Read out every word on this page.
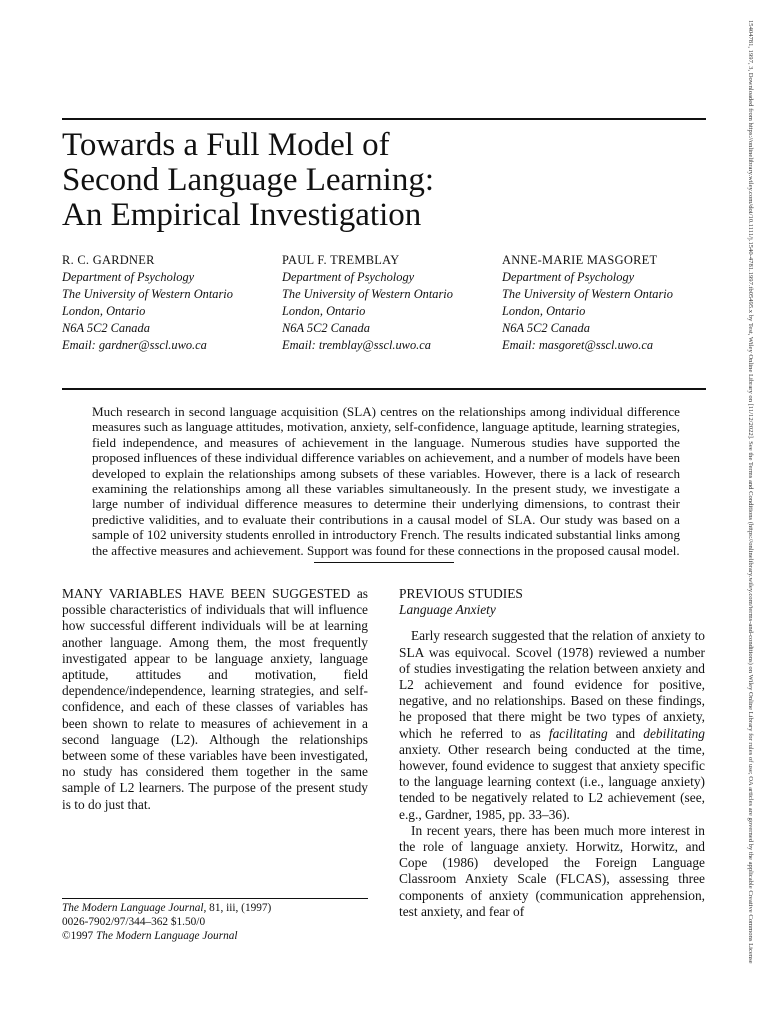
Towards a Full Model of
Second Language Learning:
An Empirical Investigation
R. C. GARDNER
Department of Psychology
The University of Western Ontario
London, Ontario
N6A 5C2 Canada
Email: gardner@sscl.uwo.ca
PAUL F. TREMBLAY
Department of Psychology
The University of Western Ontario
London, Ontario
N6A 5C2 Canada
Email: tremblay@sscl.uwo.ca
ANNE-MARIE MASGORET
Department of Psychology
The University of Western Ontario
London, Ontario
N6A 5C2 Canada
Email: masgoret@sscl.uwo.ca

Much research in second language acquisition (SLA) centres on the relationships among individual difference measures such as language attitudes, motivation, anxiety, self-confidence, language aptitude, learning strategies, field independence, and measures of achievement in the language. Numerous studies have supported the proposed influences of these individual difference variables on achievement, and a number of models have been developed to explain the relationships among subsets of these variables. However, there is a lack of research examining the relationships among all these variables simultaneously. In the present study, we investigate a large number of individual difference measures to determine their underlying dimensions, to contrast their predictive validities, and to evaluate their contributions in a causal model of SLA. Our study was based on a sample of 102 university students enrolled in introductory French. The results indicated substantial links among the affective measures and achievement. Support was found for these connections in the proposed causal model.

MANY VARIABLES HAVE BEEN SUGGESTED as possible characteristics of individuals that will influence how successful different individuals will be at learning another language. Among them, the most frequently investigated appear to be language anxiety, language aptitude, attitudes and motivation, field dependence/independence, learning strategies, and self-confidence, and each of these classes of variables has been shown to relate to measures of achievement in a second language (L2). Although the relationships between some of these variables have been investigated, no study has considered them together in the same sample of L2 learners. The purpose of the present study is to do just that.

The Modern Language Journal, 81, iii, (1997)
0026-7902/97/344–362 $1.50/0
©1997 The Modern Language Journal
PREVIOUS STUDIES
Language Anxiety

Early research suggested that the relation of anxiety to SLA was equivocal. Scovel (1978) reviewed a number of studies investigating the relation between anxiety and L2 achievement and found evidence for positive, negative, and no relationships. Based on these findings, he proposed that there might be two types of anxiety, which he referred to as facilitating and debilitating anxiety. Other research being conducted at the time, however, found evidence to suggest that anxiety specific to the language learning context (i.e., language anxiety) tended to be negatively related to L2 achievement (see, e.g., Gardner, 1985, pp. 33–36).

In recent years, there has been much more interest in the role of language anxiety. Horwitz, Horwitz, and Cope (1986) developed the Foreign Language Classroom Anxiety Scale (FLCAS), assessing three components of anxiety (communication apprehension, test anxiety, and fear of	15404781, 1997, 3, Downloaded from https://onlinelibrary.wiley.com/doi/10.1111/j.1540-4781.1997.tb05495.x by Test, Wiley Online Library on [11/12/2022]. See the Terms and Conditions (https://onlinelibrary.wiley.com/terms-and-conditions) on Wiley Online Library for rules of use; OA articles are governed by the applicable Creative Commons License
